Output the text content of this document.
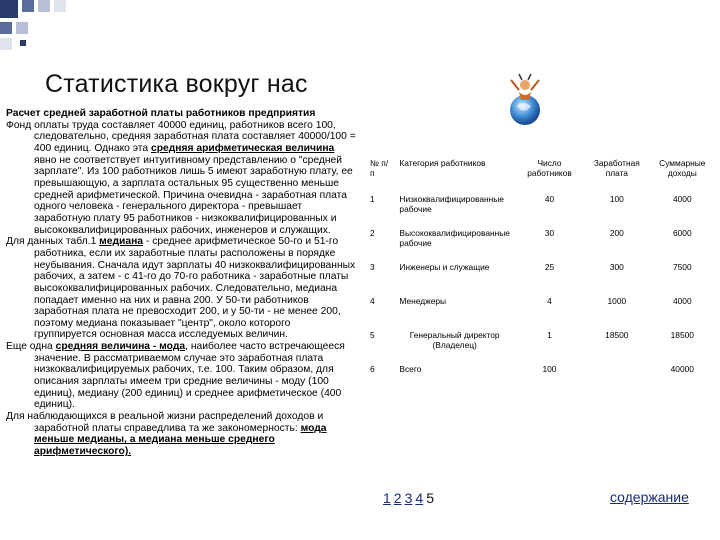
Статистика вокруг нас

Расчет средней заработной платы работников предприятия

Фонд оплаты труда составляет 40000 единиц, работников всего 100, следовательно, средняя заработная плата составляет 40000/100 = 400 единиц. Однако эта средняя арифметическая величина явно не соответствует интуитивному представлению о "средней зарплате". Из 100 работников лишь 5 имеют заработную плату, ее превышающую, а зарплата остальных 95 существенно меньше средней арифметической. Причина очевидна - заработная плата одного человека - генерального директора - превышает заработную плату 95 работников - низкоквалифицированных и высококвалифицированных рабочих, инженеров и служащих.

Для данных табл.1 медиана - среднее арифметическое 50-го и 51-го работника, если их заработные платы расположены в порядке неубывания. Сначала идут зарплаты 40 низкоквалифицированных рабочих, а затем - с 41-го до 70-го работника - заработные платы высококвалифицированных рабочих. Следовательно, медиана попадает именно на них и равна 200. У 50-ти работников заработная плата не превосходит 200, и у 50-ти - не менее 200, поэтому медиана показывает "центр", около которого группируется основная масса исследуемых величин.

Еще одна средняя величина - мода, наиболее часто встречающееся значение. В рассматриваемом случае это заработная плата низкоквалифицируемых рабочих, т.е. 100. Таким образом, для описания зарплаты имеем три средние величины - моду (100 единиц), медиану (200 единиц) и среднее арифметическое (400 единиц).

Для наблюдающихся в реальной жизни распределений доходов и заработной платы справедлива та же закономерность: мода меньше медианы, а медиана меньше среднего арифметического).

№ п/п	Категория работников	Число работников	Заработная плата	Суммарные доходы
1	Низкоквалифицированные рабочие	40	100	4000
2	Высококвалифицированные рабочие	30	200	6000
3	Инженеры и служащие	25	300	7500
4	Менеджеры	4	1000	4000
5	Генеральный директор (Владелец)	1	18500	18500
6	Всего	100		40000
1 2 3 4 5	содержание
